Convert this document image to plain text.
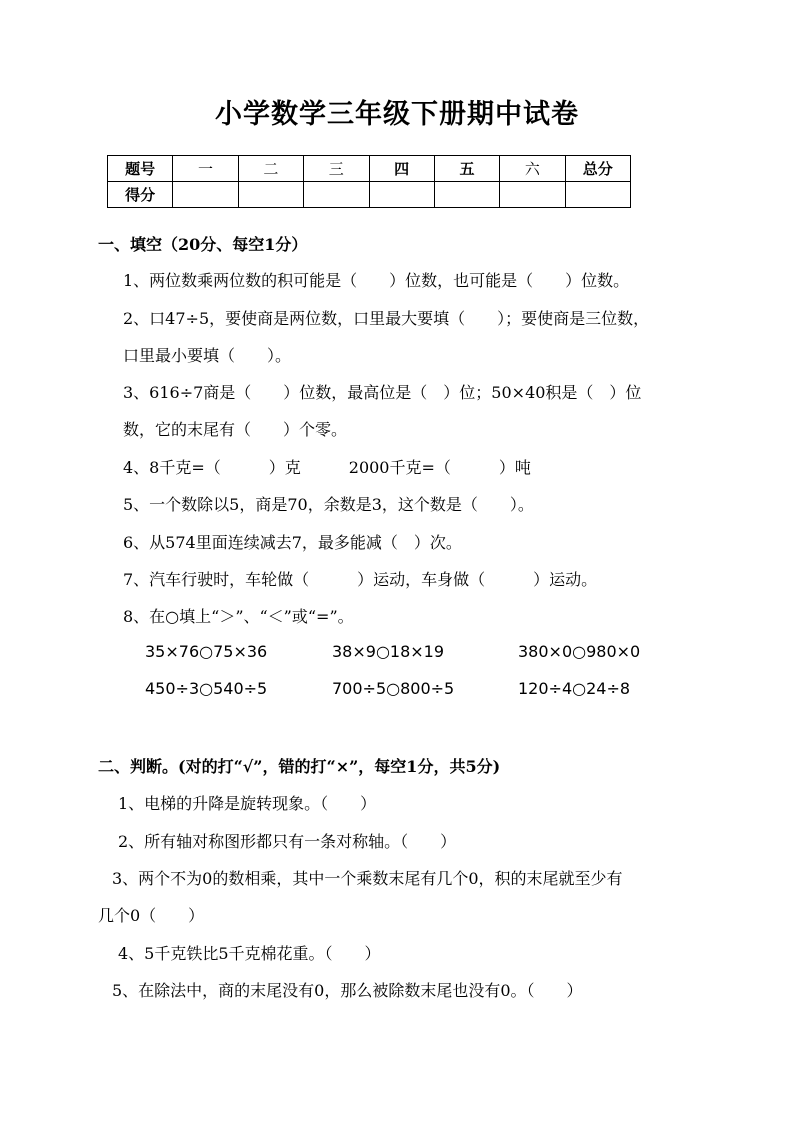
小学数学三年级下册期中试卷
题号	一	二	三	四	五	六	总分
得分							
一、填空（20分、每空1分）
1、两位数乘两位数的积可能是（　　）位数，也可能是（　　）位数。
2、口47÷5，要使商是两位数，口里最大要填（　　）；要使商是三位数，
口里最小要填（　　）。
3、616÷7商是（　　）位数，最高位是（　）位；50×40积是（　）位
数，它的末尾有（　　）个零。
4、8千克=（　　　）克　　　2000千克=（　　　）吨
5、一个数除以5，商是70，余数是3，这个数是（　　）。
6、从574里面连续减去7，最多能减（　）次。
7、汽车行驶时，车轮做（　　　）运动，车身做（　　　）运动。
8、在○填上“＞”、“＜”或“=”。
35×76○75×36	38×9○18×19	380×0○980×0
450÷3○540÷5	700÷5○800÷5	120÷4○24÷8
二、判断。(对的打“√”，错的打“×”，每空1分，共5分)
1、电梯的升降是旋转现象。（　　）
2、所有轴对称图形都只有一条对称轴。（　　）
3、两个不为0的数相乘，其中一个乘数末尾有几个0，积的末尾就至少有
几个0（　　）
4、5千克铁比5千克棉花重。（　　）
5、在除法中，商的末尾没有0，那么被除数末尾也没有0。（　　）
